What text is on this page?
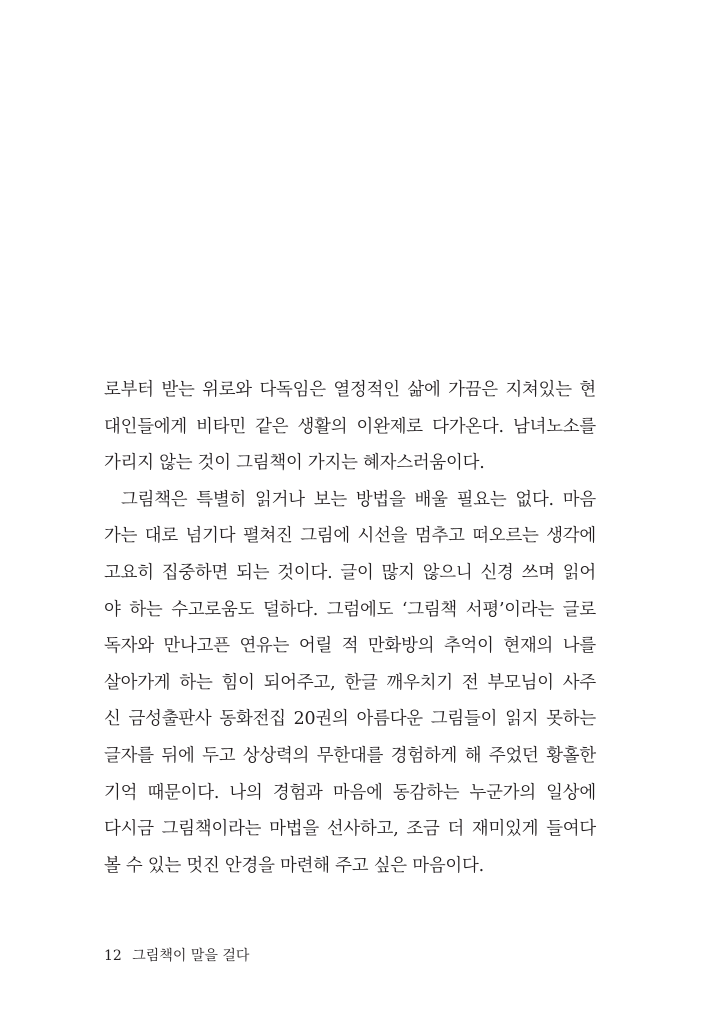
로부터 받는 위로와 다독임은 열정적인 삶에 가끔은 지쳐있는 현
대인들에게 비타민 같은 생활의 이완제로 다가온다. 남녀노소를
가리지 않는 것이 그림책이 가지는 혜자스러움이다.
그림책은 특별히 읽거나 보는 방법을 배울 필요는 없다. 마음
가는 대로 넘기다 펼쳐진 그림에 시선을 멈추고 떠오르는 생각에
고요히 집중하면 되는 것이다. 글이 많지 않으니 신경 쓰며 읽어
야 하는 수고로움도 덜하다. 그럼에도 ‘그림책 서평’이라는 글로
독자와 만나고픈 연유는 어릴 적 만화방의 추억이 현재의 나를
살아가게 하는 힘이 되어주고, 한글 깨우치기 전 부모님이 사주
신 금성출판사 동화전집 20권의 아름다운 그림들이 읽지 못하는
글자를 뒤에 두고 상상력의 무한대를 경험하게 해 주었던 황홀한
기억 때문이다. 나의 경험과 마음에 동감하는 누군가의 일상에
다시금 그림책이라는 마법을 선사하고, 조금 더 재미있게 들여다
볼 수 있는 멋진 안경을 마련해 주고 싶은 마음이다.
12 그림책이 말을 걸다
